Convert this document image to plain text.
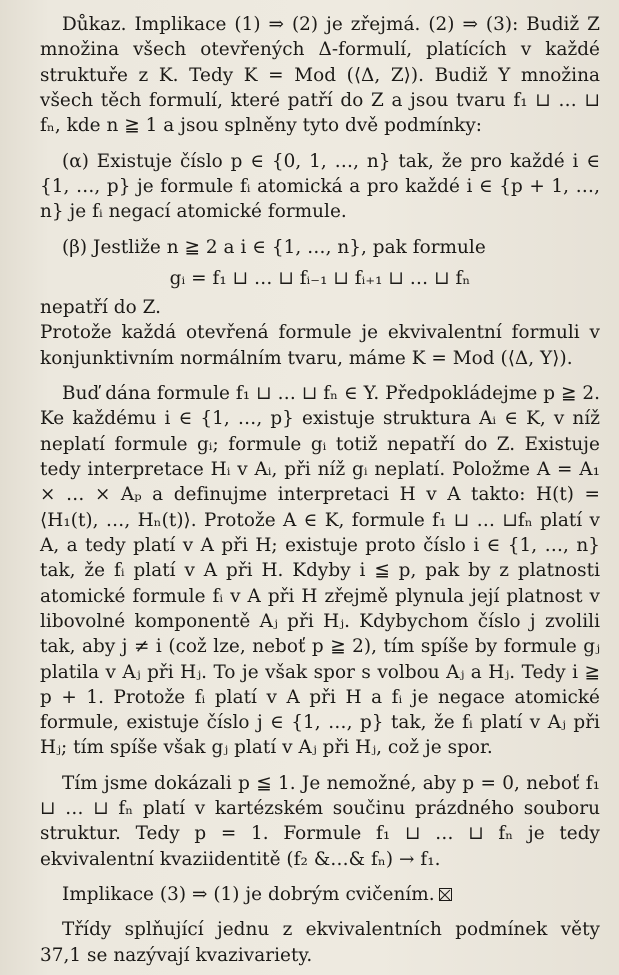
Důkaz. Implikace (1) ⇒ (2) je zřejmá. (2) ⇒ (3): Budiž Z množina všech otevřených Δ-formulí, platících v každé struktuře z K. Tedy K = Mod (⟨Δ, Z⟩). Budiž Y množina všech těch formulí, které patří do Z a jsou tvaru f₁ ⊔ … ⊔ fₙ, kde n ≧ 1 a jsou splněny tyto dvě podmínky:

(α) Existuje číslo p ∈ {0, 1, …, n} tak, že pro každé i ∈ {1, …, p} je formule fᵢ atomická a pro každé i ∈ {p + 1, …, n} je fᵢ negací atomické formule.

(β) Jestliže n ≧ 2 a i ∈ {1, …, n}, pak formule

gᵢ = f₁ ⊔ … ⊔ fᵢ₋₁ ⊔ fᵢ₊₁ ⊔ … ⊔ fₙ

nepatří do Z.

Protože každá otevřená formule je ekvivalentní formuli v konjunktivním normálním tvaru, máme K = Mod (⟨Δ, Y⟩).

Buď dána formule f₁ ⊔ … ⊔ fₙ ∈ Y. Předpokládejme p ≧ 2. Ke každému i ∈ {1, …, p} existuje struktura Aᵢ ∈ K, v níž neplatí formule gᵢ; formule gᵢ totiž nepatří do Z. Existuje tedy interpretace Hᵢ v Aᵢ, při níž gᵢ neplatí. Položme A = A₁ × … × Aₚ a definujme interpretaci H v A takto: H(t) = ⟨H₁(t), …, Hₙ(t)⟩. Protože A ∈ K, formule f₁ ⊔ … ⊔fₙ platí v A, a tedy platí v A při H; existuje proto číslo i ∈ {1, …, n} tak, že fᵢ platí v A při H. Kdyby i ≦ p, pak by z platnosti atomické formule fᵢ v A při H zřejmě plynula její platnost v libovolné komponentě Aⱼ při Hⱼ. Kdybychom číslo j zvolili tak, aby j ≠ i (což lze, neboť p ≧ 2), tím spíše by formule gⱼ platila v Aⱼ při Hⱼ. To je však spor s volbou Aⱼ a Hⱼ. Tedy i ≧ p + 1. Protože fᵢ platí v A při H a fᵢ je negace atomické formule, existuje číslo j ∈ {1, …, p} tak, že fᵢ platí v Aⱼ při Hⱼ; tím spíše však gⱼ platí v Aⱼ při Hⱼ, což je spor.

Tím jsme dokázali p ≦ 1. Je nemožné, aby p = 0, neboť f₁ ⊔ … ⊔ fₙ platí v kartézském součinu prázdného souboru struktur. Tedy p = 1. Formule f₁ ⊔ … ⊔ fₙ je tedy ekvivalentní kvaziidentitě (f₂ &…& fₙ) → f₁.

Implikace (3) ⇒ (1) je dobrým cvičením.

Třídy splňující jednu z ekvivalentních podmínek věty 37,1 se nazývají kvazivariety.
